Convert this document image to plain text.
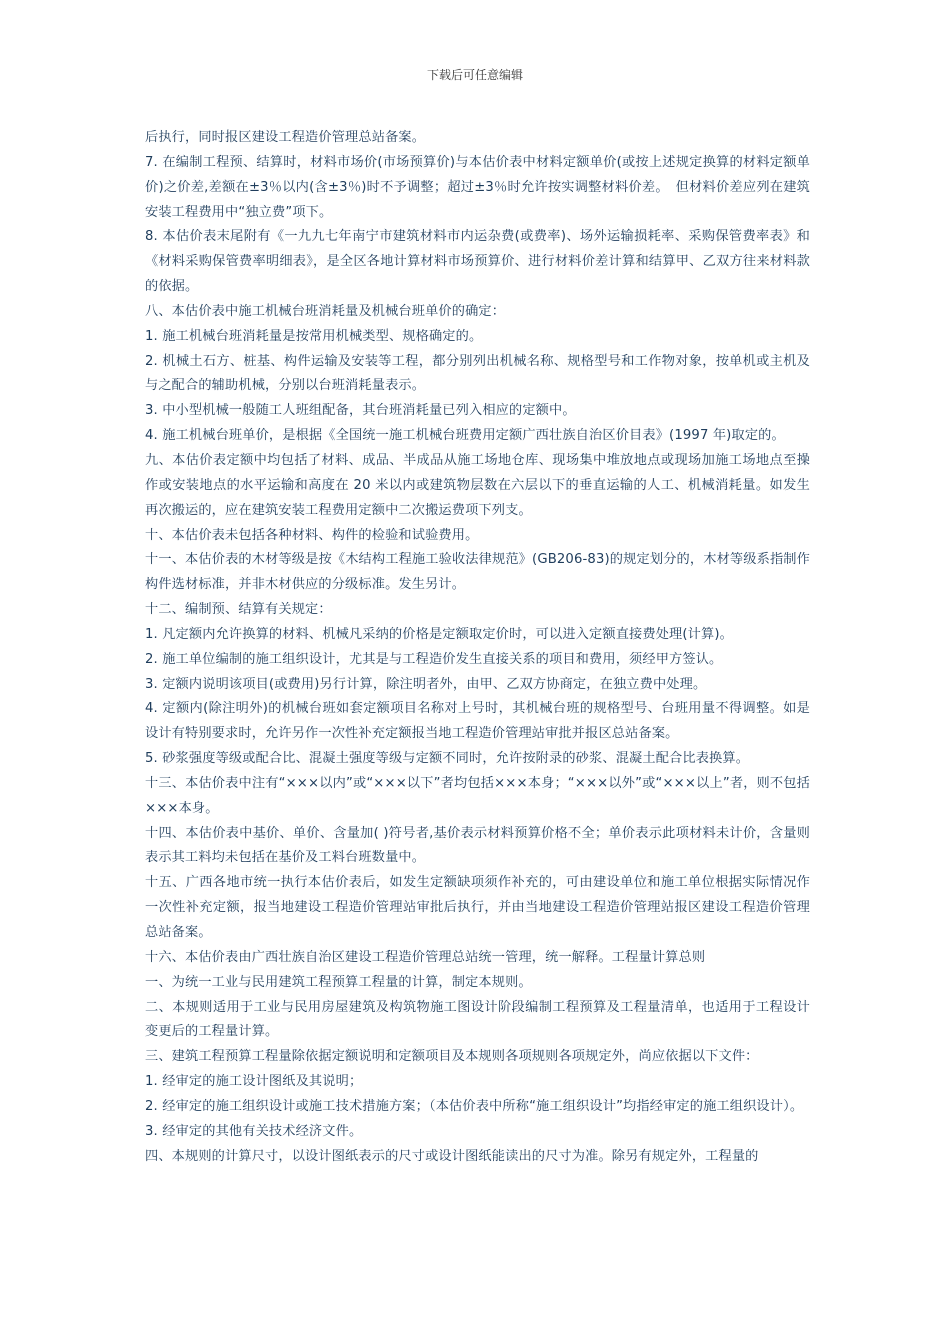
下载后可任意编辑

后执行，同时报区建设工程造价管理总站备案。

7. 在编制工程预、结算时，材料市场价(市场预算价)与本估价表中材料定额单价(或按上述规定换算的材料定额单价)之价差,差额在±3％以内(含±3％)时不予调整；超过±3％时允许按实调整材料价差。　但材料价差应列在建筑安装工程费用中“独立费”项下。

8. 本估价表末尾附有《一九九七年南宁市建筑材料市内运杂费(或费率)、场外运输损耗率、采购保管费率表》和《材料采购保管费率明细表》，是全区各地计算材料市场预算价、进行材料价差计算和结算甲、乙双方往来材料款的依据。

八、本估价表中施工机械台班消耗量及机械台班单价的确定：

1. 施工机械台班消耗量是按常用机械类型、规格确定的。

2. 机械土石方、桩基、构件运输及安装等工程，都分别列出机械名称、规格型号和工作物对象，按单机或主机及与之配合的辅助机械，分别以台班消耗量表示。

3. 中小型机械一般随工人班组配备，其台班消耗量已列入相应的定额中。

4. 施工机械台班单价，是根据《全国统一施工机械台班费用定额广西壮族自治区价目表》(1997 年)取定的。

九、本估价表定额中均包括了材料、成品、半成品从施工场地仓库、现场集中堆放地点或现场加施工场地点至操作或安装地点的水平运输和高度在 20 米以内或建筑物层数在六层以下的垂直运输的人工、机械消耗量。如发生再次搬运的，应在建筑安装工程费用定额中二次搬运费项下列支。

十、本估价表未包括各种材料、构件的检验和试验费用。

十一、本估价表的木材等级是按《木结构工程施工验收法律规范》(GB206-83)的规定划分的，木材等级系指制作构件选材标准，并非木材供应的分级标准。发生另计。

十二、编制预、结算有关规定：

1. 凡定额内允许换算的材料、机械凡采纳的价格是定额取定价时，可以进入定额直接费处理(计算)。

2. 施工单位编制的施工组织设计，尤其是与工程造价发生直接关系的项目和费用，须经甲方签认。

3. 定额内说明该项目(或费用)另行计算，除注明者外，由甲、乙双方协商定，在独立费中处理。

4. 定额内(除注明外)的机械台班如套定额项目名称对上号时，其机械台班的规格型号、台班用量不得调整。如是设计有特别要求时，允许另作一次性补充定额报当地工程造价管理站审批并报区总站备案。

5. 砂浆强度等级或配合比、混凝土强度等级与定额不同时，允许按附录的砂浆、混凝土配合比表换算。

十三、本估价表中注有“×××以内”或“×××以下”者均包括×××本身；“×××以外”或“×××以上”者，则不包括×××本身。

十四、本估价表中基价、单价、含量加( )符号者,基价表示材料预算价格不全；单价表示此项材料未计价，含量则表示其工料均未包括在基价及工料台班数量中。

十五、广西各地市统一执行本估价表后，如发生定额缺项须作补充的，可由建设单位和施工单位根据实际情况作一次性补充定额，报当地建设工程造价管理站审批后执行，并由当地建设工程造价管理站报区建设工程造价管理总站备案。

十六、本估价表由广西壮族自治区建设工程造价管理总站统一管理，统一解释。工程量计算总则

一、为统一工业与民用建筑工程预算工程量的计算，制定本规则。

二、本规则适用于工业与民用房屋建筑及构筑物施工图设计阶段编制工程预算及工程量清单，也适用于工程设计变更后的工程量计算。

三、建筑工程预算工程量除依据定额说明和定额项目及本规则各项规则各项规定外，尚应依据以下文件：

1. 经审定的施工设计图纸及其说明；

2. 经审定的施工组织设计或施工技术措施方案；（本估价表中所称“施工组织设计”均指经审定的施工组织设计）。

3. 经审定的其他有关技术经济文件。

四、本规则的计算尺寸，以设计图纸表示的尺寸或设计图纸能读出的尺寸为准。除另有规定外，工程量的
